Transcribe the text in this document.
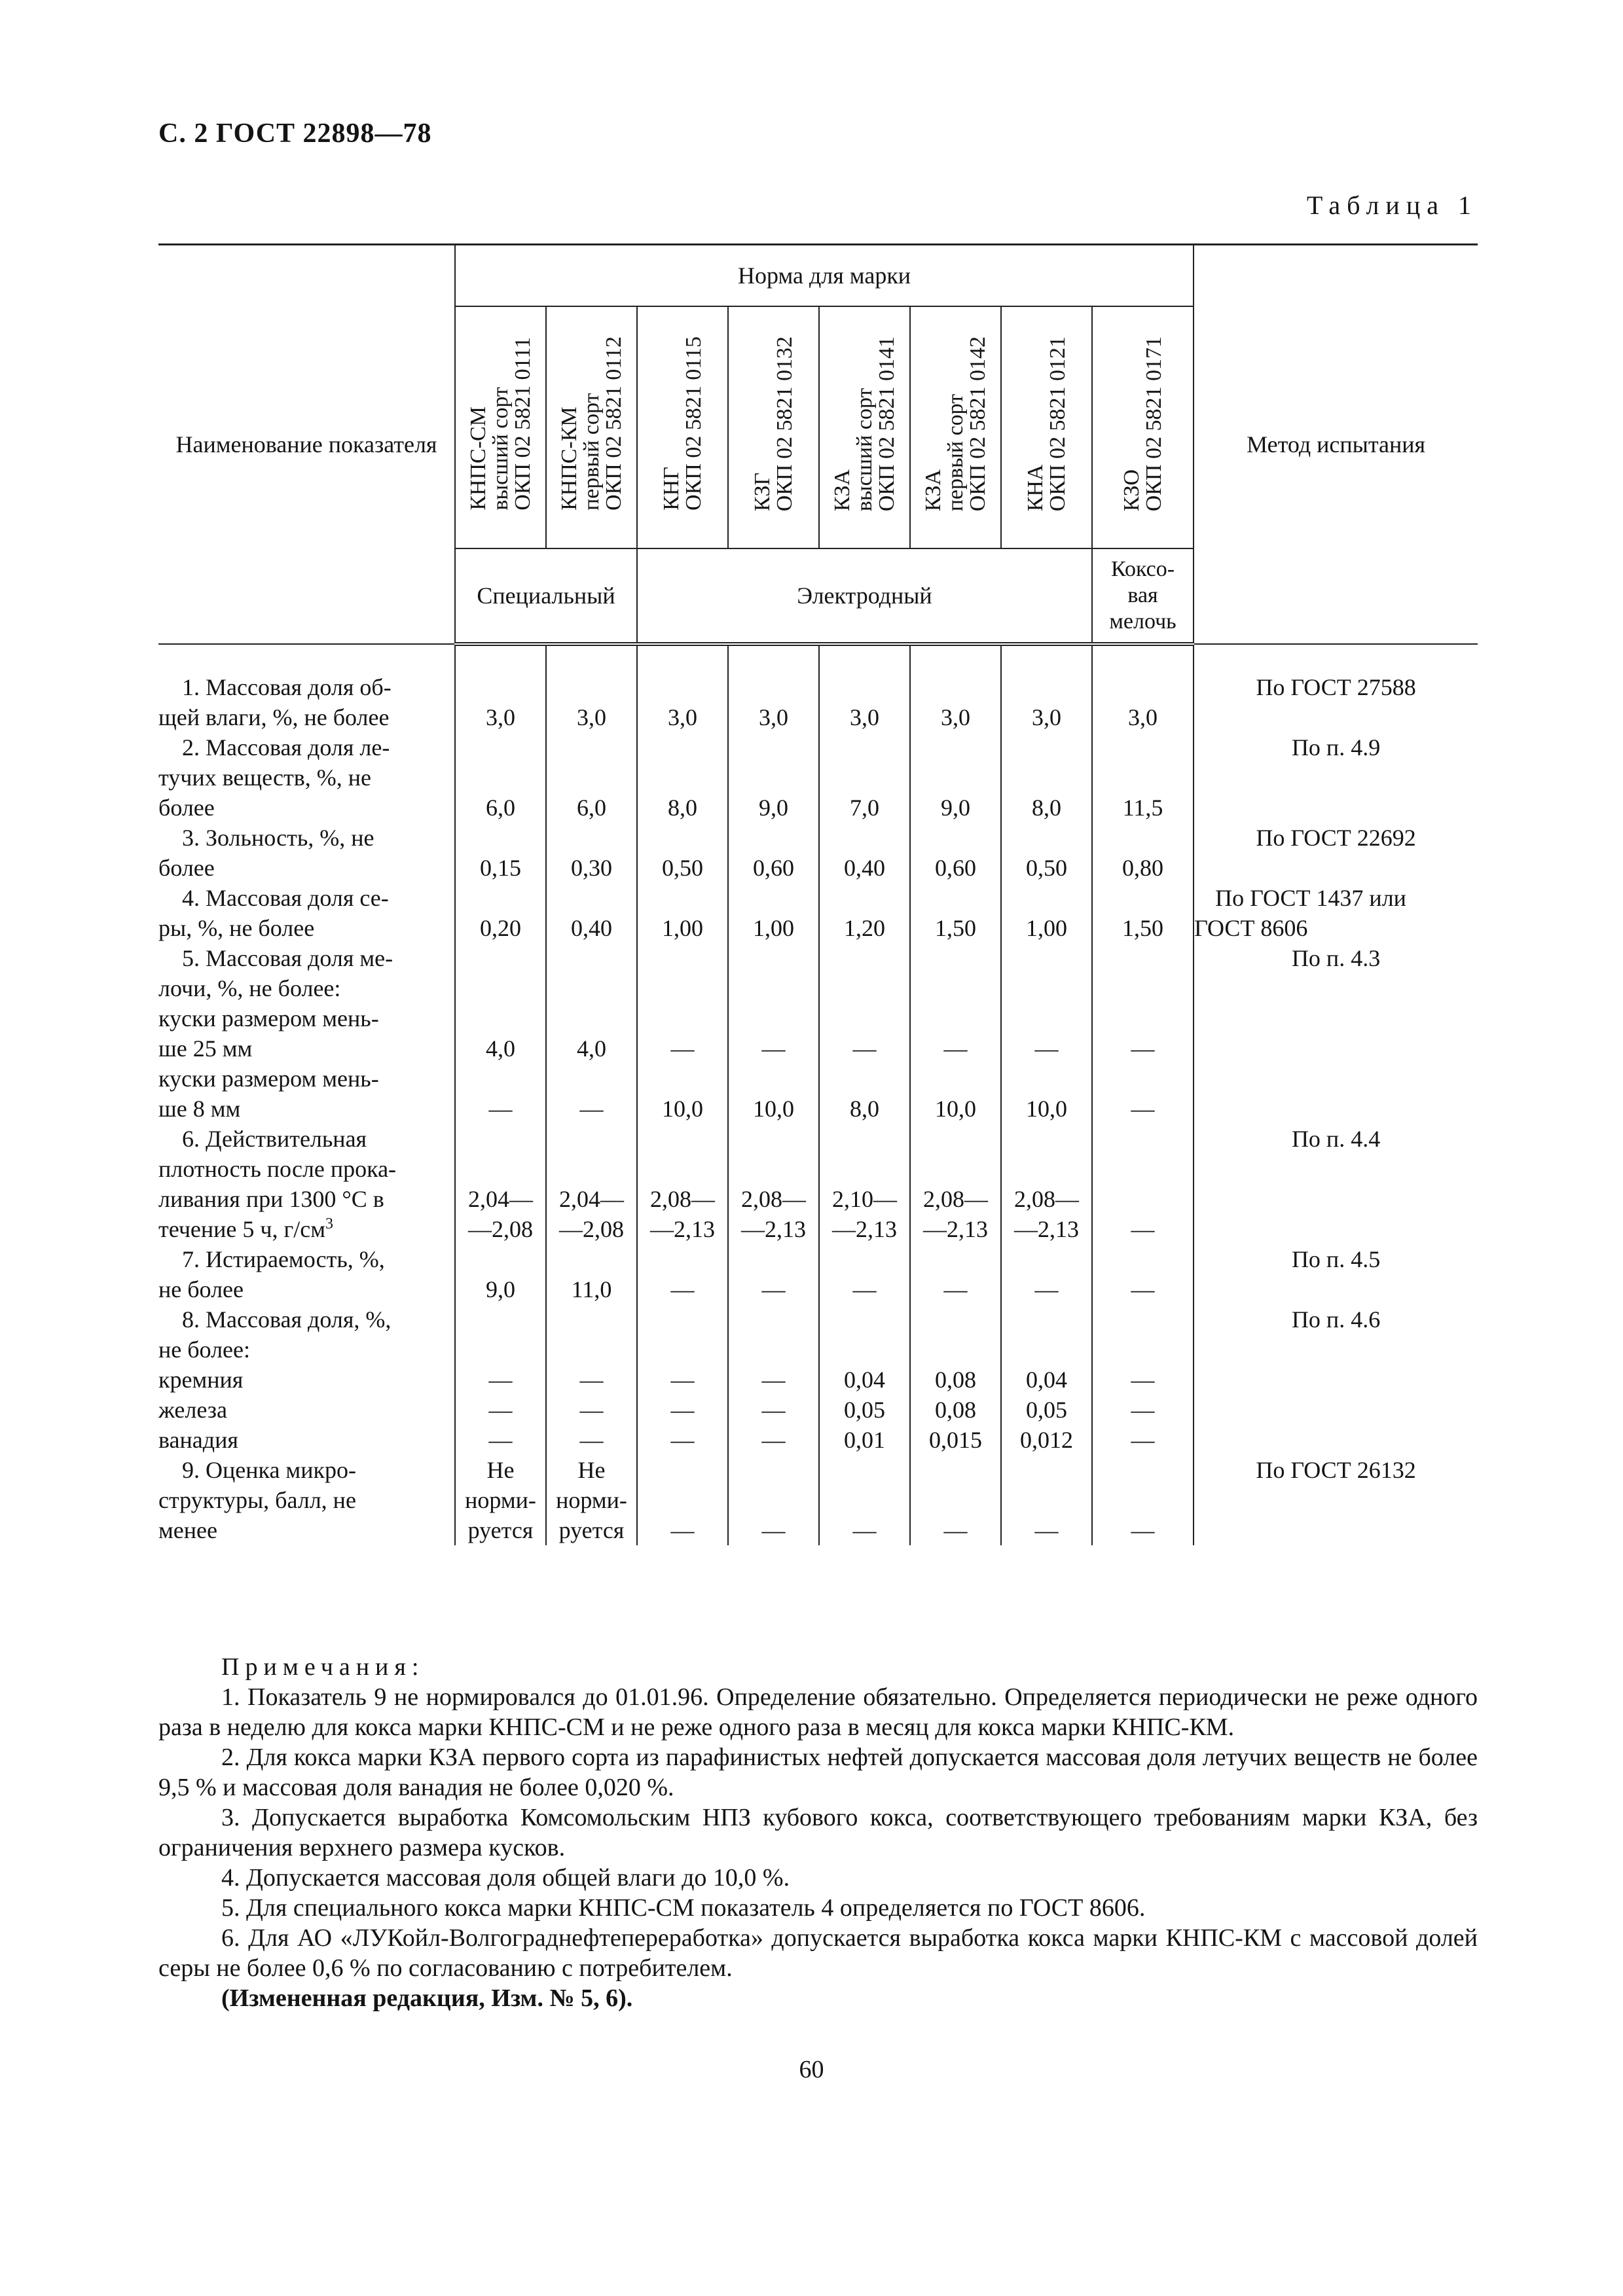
С. 2 ГОСТ 22898—78
Таблица 1
Наименование показателя	Норма для марки								Метод испытания
	КНПС-СМ
высший сорт
ОКП 02 5821 0111	КНПС-КМ
первый сорт
ОКП 02 5821 0112	КНГ
ОКП 02 5821 0115	КЗГ
ОКП 02 5821 0132	КЗА
высший сорт
ОКП 02 5821 0141	КЗА
первый сорт
ОКП 02 5821 0142	КНА
ОКП 02 5821 0121	КЗО
ОКП 02 5821 0171	
	Специальный		Электродный					Коксо-
вая
мелочь	

1. Массовая доля об-
щей влаги, %, не более	3,0	3,0	3,0	3,0	3,0	3,0	3,0	3,0	По ГОСТ 27588

2. Массовая доля ле-
тучих веществ, %, не
более	6,0	6,0	8,0	9,0	7,0	9,0	8,0	11,5	По п. 4.9

3. Зольность, %, не
более	0,15	0,30	0,50	0,60	0,40	0,60	0,50	0,80	По ГОСТ 22692

4. Массовая доля се-
ры, %, не более	0,20	0,40	1,00	1,00	1,20	1,50	1,00	1,50	По ГОСТ 1437 или
ГОСТ 8606

5. Массовая доля ме-
лочи, %, не более:									По п. 4.3

куски размером мень-
ше 25 мм	4,0	4,0	—	—	—	—	—	—	

куски размером мень-
ше 8 мм	—	—	10,0	10,0	8,0	10,0	10,0	—	

6. Действительная
плотность после прока-
ливания при 1300 °С в
течение 5 ч, $г/см^3$	2,04—
—2,08	2,04—
—2,08	2,08—
—2,13	2,08—
—2,13	2,10—
—2,13	2,08—
—2,13	2,08—
—2,13	—	По п. 4.4

7. Истираемость, %,
не более	9,0	11,0	—	—	—	—	—	—	По п. 4.5

8. Массовая доля, %,
не более:									По п. 4.6

кремния	—	—	—	—	0,04	0,08	0,04	—	

железа	—	—	—	—	0,05	0,08	0,05	—	

ванадия	—	—	—	—	0,01	0,015	0,012	—	

9. Оценка микро-
структуры, балл, не
менее	Не
норми-
руется	Не
норми-
руется	—	—	—	—	—	—	По ГОСТ 26132
Примечания:

1. Показатель 9 не нормировался до 01.01.96. Определение обязательно. Определяется периодически не реже одного раза в неделю для кокса марки КНПС-СМ и не реже одного раза в месяц для кокса марки КНПС-КМ.

2. Для кокса марки КЗА первого сорта из парафинистых нефтей допускается массовая доля летучих веществ не более 9,5 % и массовая доля ванадия не более 0,020 %.

3. Допускается выработка Комсомольским НПЗ кубового кокса, соответствующего требованиям марки КЗА, без ограничения верхнего размера кусков.

4. Допускается массовая доля общей влаги до 10,0 %.

5. Для специального кокса марки КНПС-СМ показатель 4 определяется по ГОСТ 8606.

6. Для АО «ЛУКойл-Волгограднефтепереработка» допускается выработка кокса марки КНПС-КМ с массовой долей серы не более 0,6 % по согласованию с потребителем.

(Измененная редакция, Изм. № 5, 6).

60
